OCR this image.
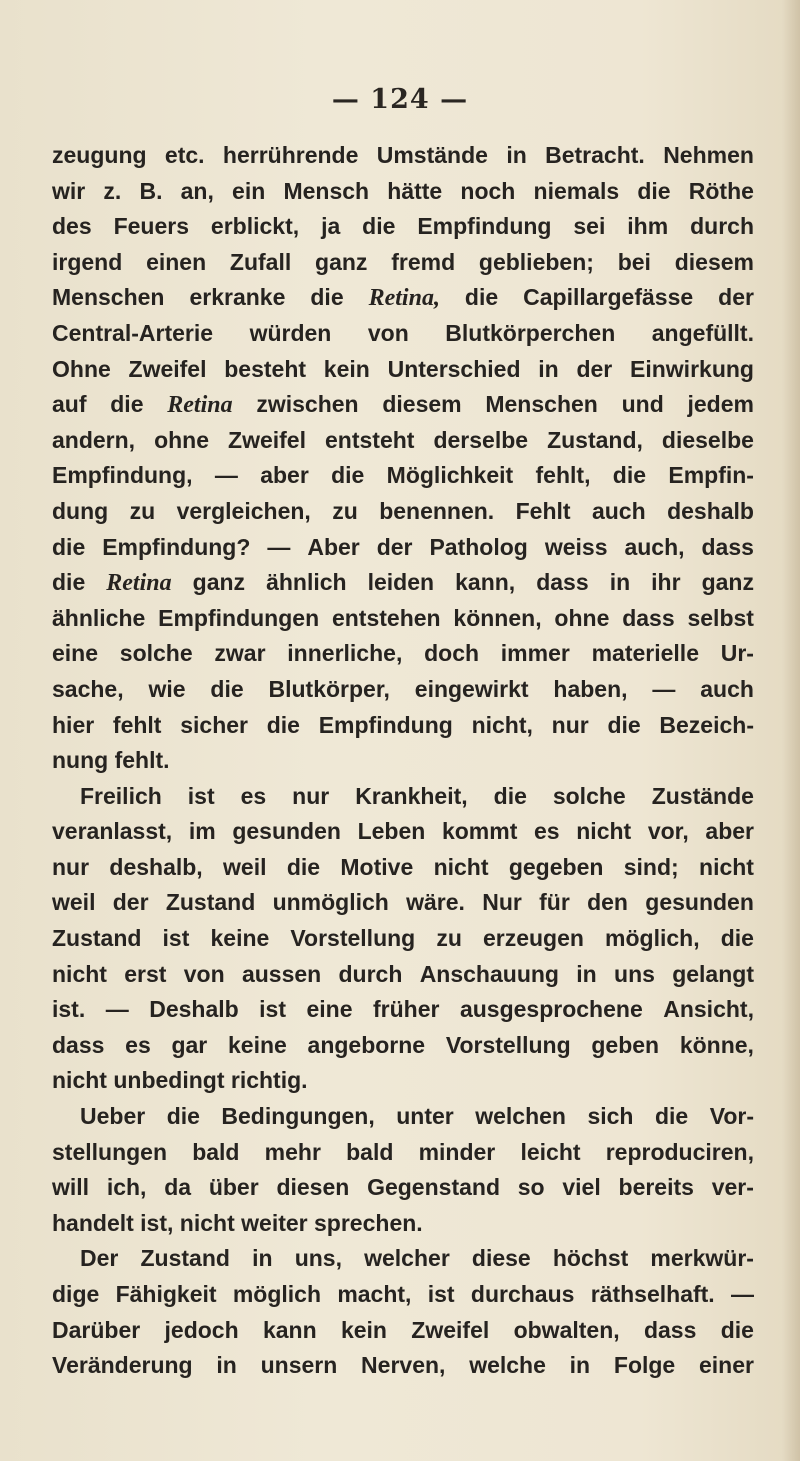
— 124 —
zeugung etc. herrührende Umstände in Betracht. Nehmen
wir z. B. an, ein Mensch hätte noch niemals die Röthe
des Feuers erblickt, ja die Empfindung sei ihm durch
irgend einen Zufall ganz fremd geblieben; bei diesem
Menschen erkranke die Retina, die Capillargefässe der
Central-Arterie würden von Blutkörperchen angefüllt.
Ohne Zweifel besteht kein Unterschied in der Einwirkung
auf die Retina zwischen diesem Menschen und jedem
andern, ohne Zweifel entsteht derselbe Zustand, dieselbe
Empfindung, — aber die Möglichkeit fehlt, die Empfin-
dung zu vergleichen, zu benennen. Fehlt auch deshalb
die Empfindung? — Aber der Patholog weiss auch, dass
die Retina ganz ähnlich leiden kann, dass in ihr ganz
ähnliche Empfindungen entstehen können, ohne dass selbst
eine solche zwar innerliche, doch immer materielle Ur-
sache, wie die Blutkörper, eingewirkt haben, — auch
hier fehlt sicher die Empfindung nicht, nur die Bezeich-
nung fehlt.
Freilich ist es nur Krankheit, die solche Zustände
veranlasst, im gesunden Leben kommt es nicht vor, aber
nur deshalb, weil die Motive nicht gegeben sind; nicht
weil der Zustand unmöglich wäre. Nur für den gesunden
Zustand ist keine Vorstellung zu erzeugen möglich, die
nicht erst von aussen durch Anschauung in uns gelangt
ist. — Deshalb ist eine früher ausgesprochene Ansicht,
dass es gar keine angeborne Vorstellung geben könne,
nicht unbedingt richtig.
Ueber die Bedingungen, unter welchen sich die Vor-
stellungen bald mehr bald minder leicht reproduciren,
will ich, da über diesen Gegenstand so viel bereits ver-
handelt ist, nicht weiter sprechen.
Der Zustand in uns, welcher diese höchst merkwür-
dige Fähigkeit möglich macht, ist durchaus räthselhaft. —
Darüber jedoch kann kein Zweifel obwalten, dass die
Veränderung in unsern Nerven, welche in Folge einer
